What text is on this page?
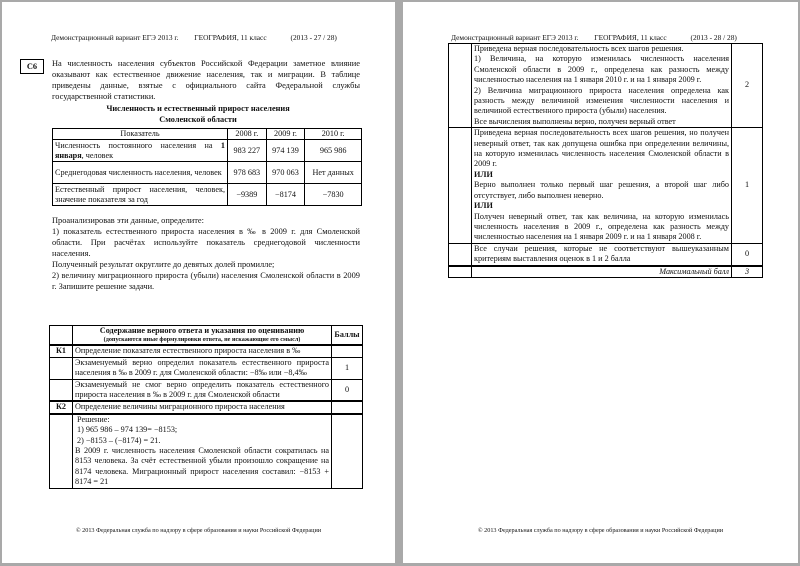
Демонстрационный вариант ЕГЭ 2013 г. ГЕОГРАФИЯ, 11 класс	(2013 - 27 / 28)
С6	На численность населения субъектов Российской Федерации заметное влияние оказывают как естественное движение населения, так и миграции. В таблице приведены данные, взятые с официального сайта Федеральной службы государственной статистики.
Численность и естественный прирост населения
Смоленской области
Показатель	2008 г.	2009 г.	2010 г.
Численность постоянного населения на 1 января, человек	983 227	974 139	965 986
Среднегодовая численность населения, человек	978 683	970 063	Нет данных
Естественный прирост населения, человек, значение показателя за год	−9389	−8174	−7830
Проанализировав эти данные, определите:
1) показатель естественного прироста населения в ‰ в 2009 г. для Смоленской области. При расчётах используйте показатель среднегодовой численности населения.
Полученный результат округлите до девятых долей промилле;
2) величину миграционного прироста (убыли) населения Смоленской области в 2009 г. Запишите решение задачи.

	Содержание верного ответа и указания по оцениванию
(допускаются иные формулировки ответа, не искажающие его смысл)	Баллы
К1	Определение показателя естественного прироста населения в ‰	
	Экзаменуемый верно определил показатель естественного прироста населения в ‰ в 2009 г. для Смоленской области: −8‰ или −8,4‰	1
	Экзаменуемый не смог верно определить показатель естественного прироста населения в ‰ в 2009 г. для Смоленской области	0
К2	Определение величины миграционного прироста населения	

	Решение:
1) 965 986 – 974 139= −8153;
2) −8153 – (−8174) = 21.
В 2009 г. численность населения Смоленской области сократилась на 8153 человека. За счёт естественной убыли произошло сокращение на 8174 человека. Миграционный прирост населения составил: −8153 + 8174 = 21	

© 2013 Федеральная служба по надзору в сфере образования и науки Российской Федерации
Демонстрационный вариант ЕГЭ 2013 г. ГЕОГРАФИЯ, 11 класс	(2013 - 28 / 28)

	Приведена верная последовательность всех шагов решения.
1) Величина, на которую изменилась численность населения Смоленской области в 2009 г., определена как разность между численностью населения на 1 января 2010 г. и на 1 января 2009 г.
2) Величина миграционного прироста населения определена как разность между величиной изменения численности населения и величиной естественного прироста (убыли) населения.
Все вычисления выполнены верно, получен верный ответ	2

	Приведена верная последовательность всех шагов решения, но получен неверный ответ, так как допущена ошибка при определении величины, на которую изменилась численность населения Смоленской области в 2009 г.
ИЛИ
Верно выполнен только первый шаг решения, а второй шаг либо отсутствует, либо выполнен неверно.
ИЛИ
Получен неверный ответ, так как величина, на которую изменилась численность населения в 2009 г., определена как разность между численностью населения на 1 января 2009 г. и на 1 января 2008 г.	1
	Все случаи решения, которые не соответствуют вышеуказанным критериям выставления оценок в 1 и 2 балла	0
	Максимальный балл	3
© 2013 Федеральная служба по надзору в сфере образования и науки Российской Федерации
